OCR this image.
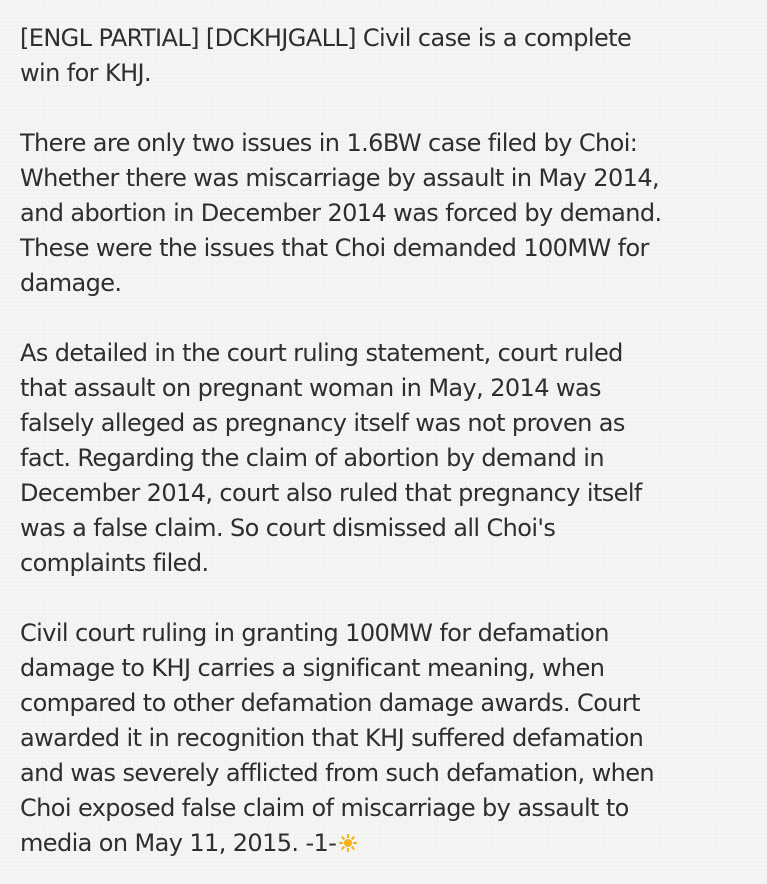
[ENGL PARTIAL] [DCKHJGALL] Civil case is a complete
win for KHJ.

There are only two issues in 1.6BW case filed by Choi:
Whether there was miscarriage by assault in May 2014,
and abortion in December 2014 was forced by demand.
These were the issues that Choi demanded 100MW for
damage.

As detailed in the court ruling statement, court ruled
that assault on pregnant woman in May, 2014 was
falsely alleged as pregnancy itself was not proven as
fact. Regarding the claim of abortion by demand in
December 2014, court also ruled that pregnancy itself
was a false claim. So court dismissed all Choi's
complaints filed.

Civil court ruling in granting 100MW for defamation
damage to KHJ carries a significant meaning, when
compared to other defamation damage awards. Court
awarded it in recognition that KHJ suffered defamation
and was severely afflicted from such defamation, when
Choi exposed false claim of miscarriage by assault to
media on May 11, 2015. -1-
